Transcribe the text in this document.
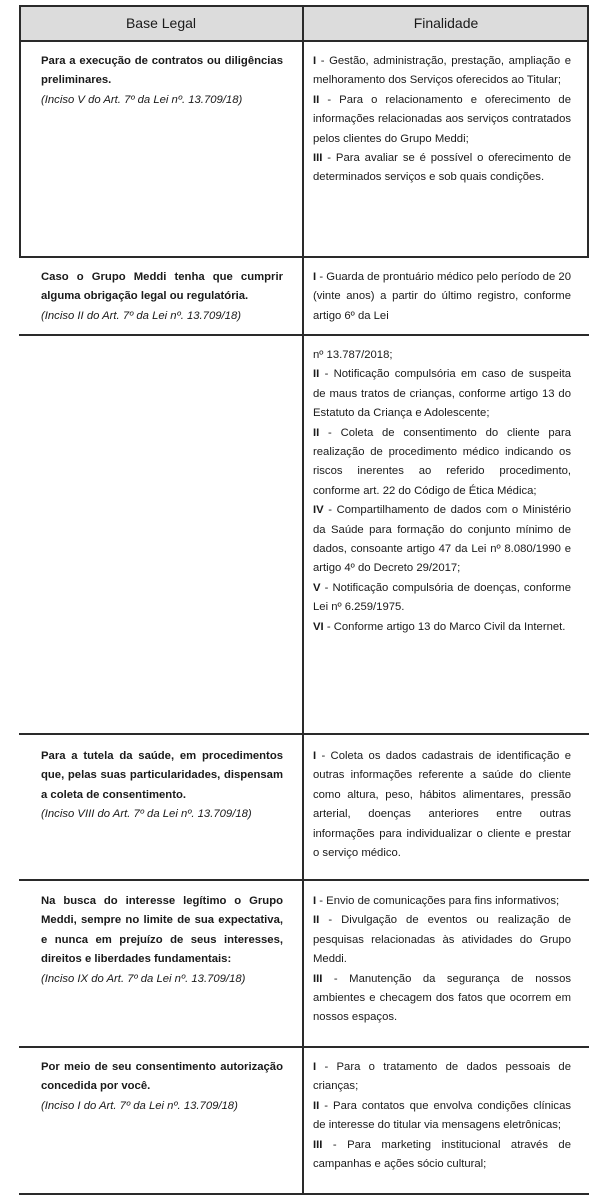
Base Legal	Finalidade

Para a execução de contratos ou diligências preliminares.

(Inciso V do Art. 7º da Lei nº. 13.709/18)

I - Gestão, administração, prestação, ampliação e melhoramento dos Serviços oferecidos ao Titular;

II - Para o relacionamento e oferecimento de informações relacionadas aos serviços contratados pelos clientes do Grupo Meddi;

III - Para avaliar se é possível o oferecimento de determinados serviços e sob quais condições.

Caso o Grupo Meddi tenha que cumprir alguma obrigação legal ou regulatória.

(Inciso II do Art. 7º da Lei nº. 13.709/18)

I - Guarda de prontuário médico pelo período de 20 (vinte anos) a partir do último registro, conforme artigo 6º da Lei

nº 13.787/2018;

II - Notificação compulsória em caso de suspeita de maus tratos de crianças, conforme artigo 13 do Estatuto da Criança e Adolescente;

II - Coleta de consentimento do cliente para realização de procedimento médico indicando os riscos inerentes ao referido procedimento, conforme art. 22 do Código de Ética Médica;

IV - Compartilhamento de dados com o Ministério da Saúde para formação do conjunto mínimo de dados, consoante artigo 47 da Lei nº 8.080/1990 e artigo 4º do Decreto 29/2017;

V - Notificação compulsória de doenças, conforme Lei nº 6.259/1975.

VI - Conforme artigo 13 do Marco Civil da Internet.

Para a tutela da saúde, em procedimentos que, pelas suas particularidades, dispensam a coleta de consentimento.

(Inciso VIII do Art. 7º da Lei nº. 13.709/18)

I - Coleta os dados cadastrais de identificação e outras informações referente a saúde do cliente como altura, peso, hábitos alimentares, pressão arterial, doenças anteriores entre outras informações para individualizar o cliente e prestar o serviço médico.

Na busca do interesse legítimo o Grupo Meddi, sempre no limite de sua expectativa, e nunca em prejuízo de seus interesses, direitos e liberdades fundamentais:

(Inciso IX do Art. 7º da Lei nº. 13.709/18)

I - Envio de comunicações para fins informativos;

II - Divulgação de eventos ou realização de pesquisas relacionadas às atividades do Grupo Meddi.

III - Manutenção da segurança de nossos ambientes e checagem dos fatos que ocorrem em nossos espaços.

Por meio de seu consentimento autorização concedida por você.

(Inciso I do Art. 7º da Lei nº. 13.709/18)

I - Para o tratamento de dados pessoais de crianças;

II - Para contatos que envolva condições clínicas de interesse do titular via mensagens eletrônicas;

III - Para marketing institucional através de campanhas e ações sócio cultural;
